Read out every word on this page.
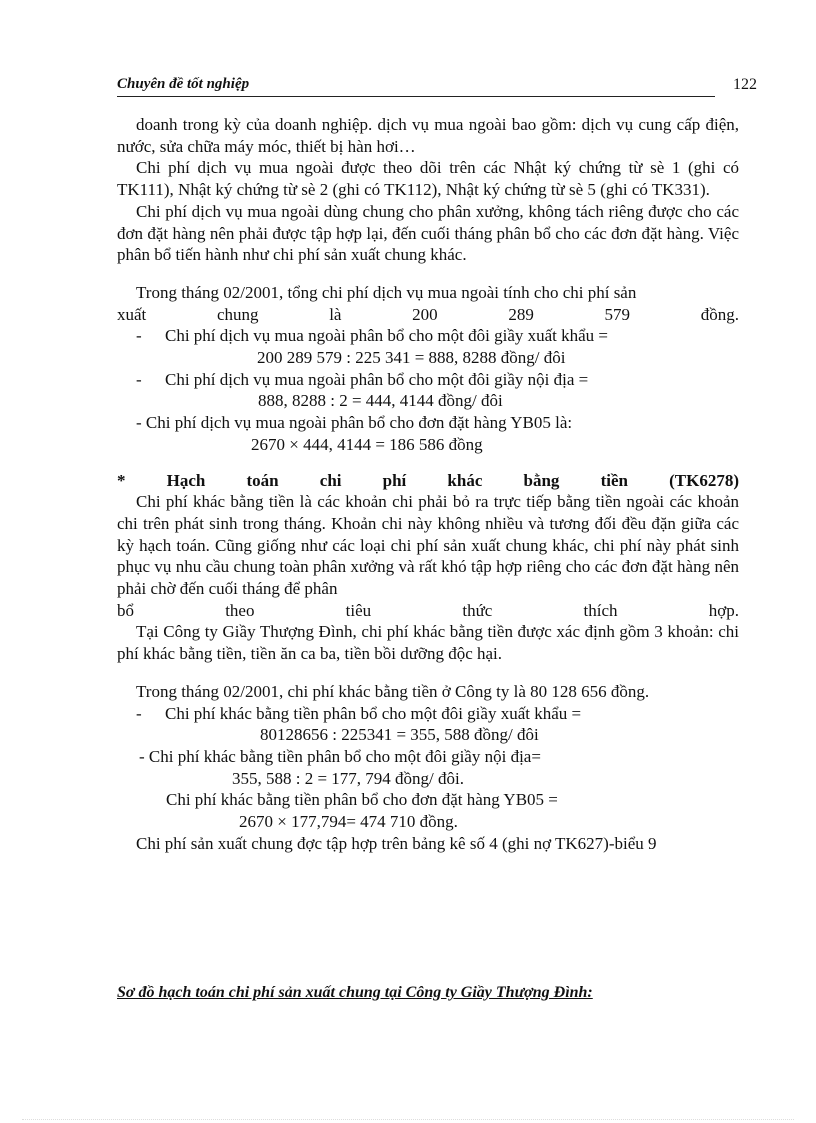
Chuyên đề tốt nghiệp	122

doanh trong kỳ của doanh nghiệp. dịch vụ mua ngoài bao gồm: dịch vụ cung cấp điện, nước, sửa chữa máy móc, thiết bị hàn hơi…

Chi phí dịch vụ mua ngoài được theo dõi trên các Nhật ký chứng từ sè 1 (ghi có TK111), Nhật ký chứng từ sè 2 (ghi có TK112), Nhật ký chứng từ sè 5 (ghi có TK331).

Chi phí dịch vụ mua ngoài dùng chung cho phân xưởng, không tách riêng được cho các đơn đặt hàng nên phải được tập hợp lại, đến cuối tháng phân bổ cho các đơn đặt hàng. Việc phân bổ tiến hành như chi phí sản xuất chung khác.

Trong tháng 02/2001, tổng chi phí dịch vụ mua ngoài tính cho chi phí sản

xuất chung là 200 289 579 đồng.

- Chi phí dịch vụ mua ngoài phân bổ cho một đôi giầy xuất khẩu =

200 289 579 : 225 341 = 888, 8288 đồng/ đôi

- Chi phí dịch vụ mua ngoài phân bổ cho một đôi giầy nội địa =

888, 8288 : 2 = 444, 4144 đồng/ đôi

- Chi phí dịch vụ mua ngoài phân bổ cho đơn đặt hàng YB05 là:

2670 × 444, 4144 = 186 586 đồng

* Hạch toán chi phí khác bằng tiền (TK6278)

Chi phí khác bằng tiền là các khoản chi phải bỏ ra trực tiếp bằng tiền ngoài các khoản chi trên phát sinh trong tháng. Khoản chi này không nhiều và tương đối đều đặn giữa các kỳ hạch toán. Cũng giống như các loại chi phí sản xuất chung khác, chi phí này phát sinh phục vụ nhu cầu chung toàn phân xưởng và rất khó tập hợp riêng cho các đơn đặt hàng nên phải chờ đến cuối tháng để phân

bổ theo tiêu thức thích hợp.

Tại Công ty Giầy Thượng Đình, chi phí khác bằng tiền được xác định gồm 3 khoản: chi phí khác bằng tiền, tiền ăn ca ba, tiền bồi dưỡng độc hại.

Trong tháng 02/2001, chi phí khác bằng tiền ở Công ty là 80 128 656 đồng.

- Chi phí khác bằng tiền phân bổ cho một đôi giầy xuất khẩu =

80128656 : 225341 = 355, 588 đồng/ đôi

- Chi phí khác bằng tiền phân bổ cho một đôi giầy nội địa=

355, 588 : 2 = 177, 794 đồng/ đôi.

Chi phí khác bằng tiền phân bổ cho đơn đặt hàng YB05 =

2670 × 177,794= 474 710 đồng.

Chi phí sản xuất chung đợc tập hợp trên bảng kê số 4 (ghi nợ TK627)-biểu 9

Sơ đồ hạch toán chi phí sản xuất chung tại Công ty Giầy Thượng Đình:
